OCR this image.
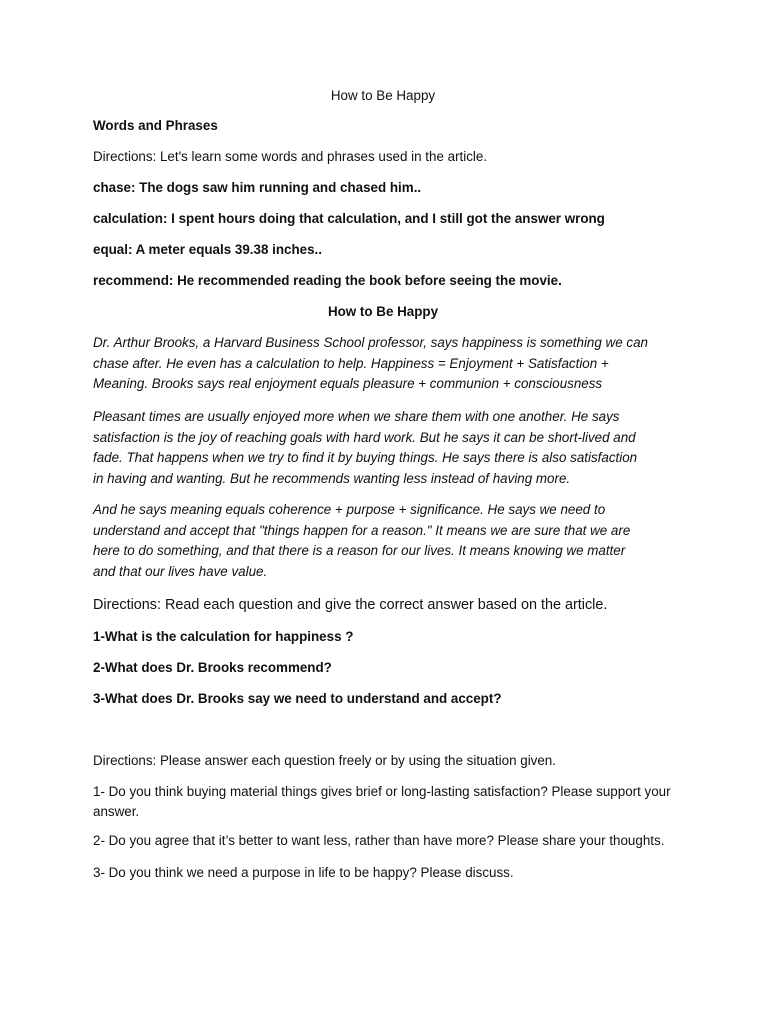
How to Be Happy
Words and Phrases
Directions: Let's learn some words and phrases used in the article.
chase: The dogs saw him running and chased him..
calculation: I spent hours doing that calculation, and I still got the answer wrong
equal: A meter equals 39.38 inches..
recommend: He recommended reading the book before seeing the movie.
How to Be Happy
Dr. Arthur Brooks, a Harvard Business School professor, says happiness is something we can
chase after. He even has a calculation to help. Happiness = Enjoyment + Satisfaction +
Meaning. Brooks says real enjoyment equals pleasure + communion + consciousness
Pleasant times are usually enjoyed more when we share them with one another. He says
satisfaction is the joy of reaching goals with hard work. But he says it can be short-lived and
fade. That happens when we try to find it by buying things. He says there is also satisfaction
in having and wanting. But he recommends wanting less instead of having more.
And he says meaning equals coherence + purpose + significance. He says we need to
understand and accept that "things happen for a reason." It means we are sure that we are
here to do something, and that there is a reason for our lives. It means knowing we matter
and that our lives have value.
Directions: Read each question and give the correct answer based on the article.
1-What is the calculation for happiness ?
2-What does Dr. Brooks recommend?
3-What does Dr. Brooks say we need to understand and accept?
Directions: Please answer each question freely or by using the situation given.
1- Do you think buying material things gives brief or long-lasting satisfaction? Please support your answer.
2- Do you agree that it’s better to want less, rather than have more? Please share your thoughts.
3- Do you think we need a purpose in life to be happy? Please discuss.
